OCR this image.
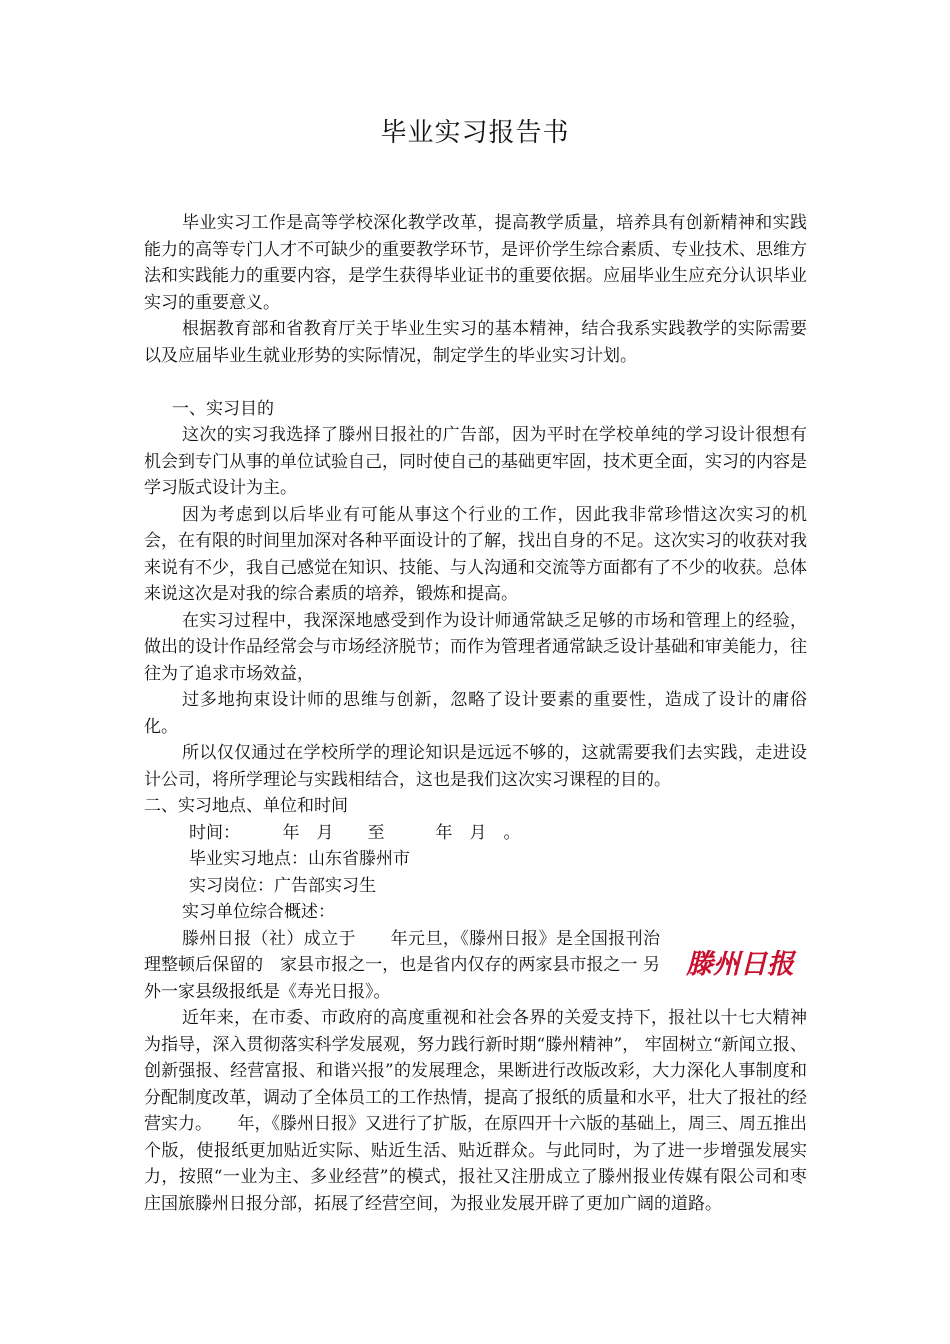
毕业实习报告书

毕业实习工作是高等学校深化教学改革，提高教学质量，培养具有创新精神和实践能力的高等专门人才不可缺少的重要教学环节，是评价学生综合素质、专业技术、思维方法和实践能力的重要内容，是学生获得毕业证书的重要依据。应届毕业生应充分认识毕业实习的重要意义。

根据教育部和省教育厅关于毕业生实习的基本精神，结合我系实践教学的实际需要以及应届毕业生就业形势的实际情况，制定学生的毕业实习计划。

一、实习目的

这次的实习我选择了滕州日报社的广告部，因为平时在学校单纯的学习设计很想有机会到专门从事的单位试验自己，同时使自己的基础更牢固，技术更全面，实习的内容是学习版式设计为主。

因为考虑到以后毕业有可能从事这个行业的工作，因此我非常珍惜这次实习的机会，在有限的时间里加深对各种平面设计的了解，找出自身的不足。这次实习的收获对我来说有不少，我自己感觉在知识、技能、与人沟通和交流等方面都有了不少的收获。总体来说这次是对我的综合素质的培养，锻炼和提高。

在实习过程中，我深深地感受到作为设计师通常缺乏足够的市场和管理上的经验，做出的设计作品经常会与市场经济脱节；而作为管理者通常缺乏设计基础和审美能力，往往为了追求市场效益，

过多地拘束设计师的思维与创新，忽略了设计要素的重要性，造成了设计的庸俗化。

所以仅仅通过在学校所学的理论知识是远远不够的，这就需要我们去实践，走进设计公司，将所学理论与实践相结合，这也是我们这次实习课程的目的。

二、实习地点、单位和时间

时间：　　　年　月　　至　　　年　月　。

毕业实习地点：山东省滕州市

实习岗位：广告部实习生

实习单位综合概述：

滕州日报

滕州日报（社）成立于　　年元旦，《滕州日报》是全国报刊治理整顿后保留的　家县市报之一，也是省内仅存的两家县市报之一 另外一家县级报纸是《寿光日报》。

近年来，在市委、市政府的高度重视和社会各界的关爱支持下，报社以十七大精神为指导，深入贯彻落实科学发展观，努力践行新时期“滕州精神”， 牢固树立“新闻立报、创新强报、经营富报、和谐兴报”的发展理念，果断进行改版改彩，大力深化人事制度和分配制度改革，调动了全体员工的工作热情，提高了报纸的质量和水平，壮大了报社的经营实力。　　年，《滕州日报》又进行了扩版，在原四开十六版的基础上，周三、周五推出　个版，使报纸更加贴近实际、贴近生活、贴近群众。与此同时，为了进一步增强发展实力，按照“一业为主、多业经营”的模式，报社又注册成立了滕州报业传媒有限公司和枣庄国旅滕州日报分部，拓展了经营空间，为报业发展开辟了更加广阔的道路。
